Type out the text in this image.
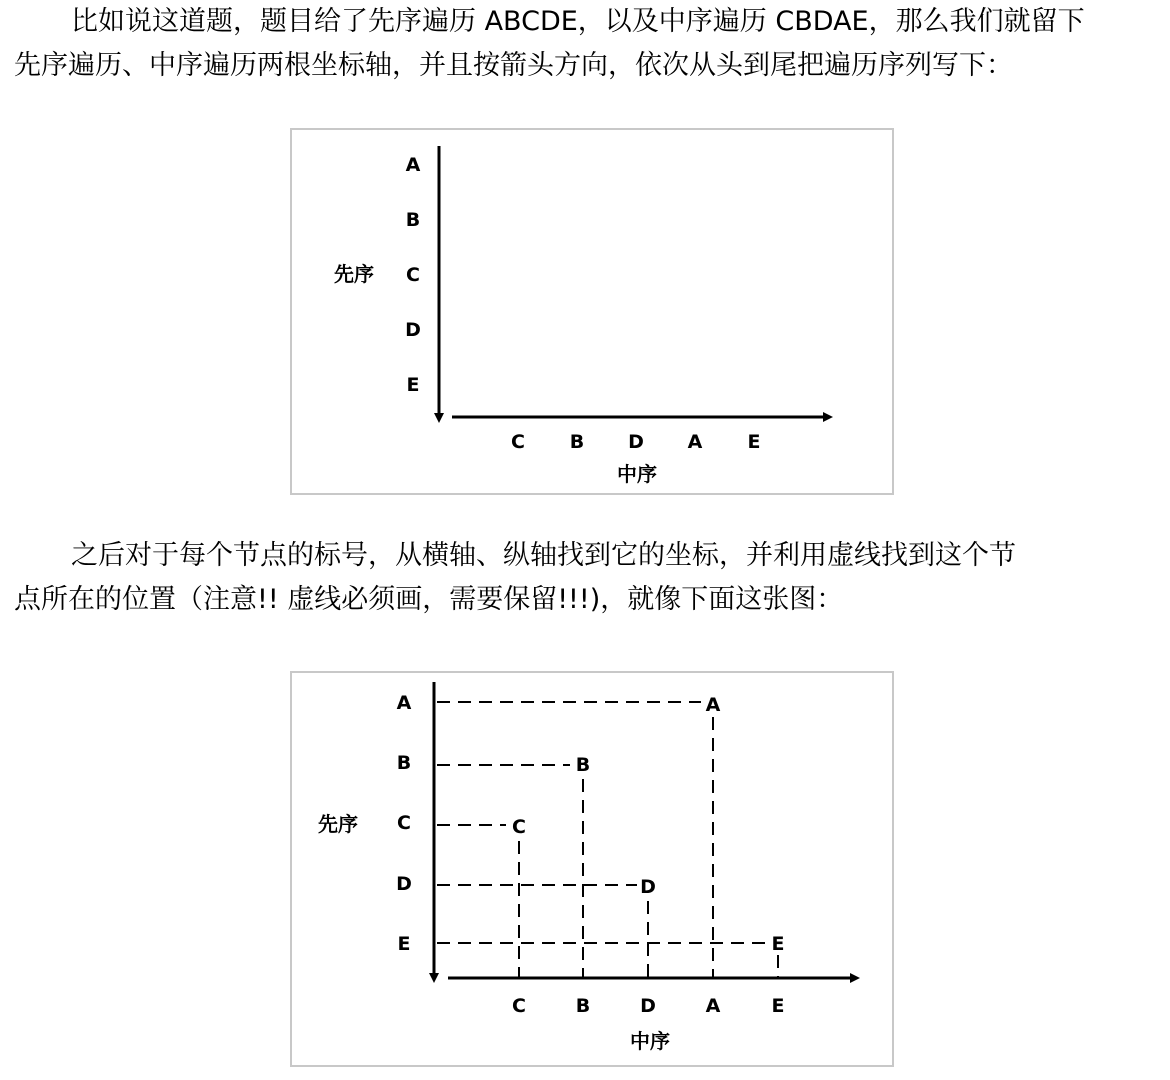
比如说这道题，题目给了先序遍历 ABCDE，以及中序遍历 CBDAE，那么我们就留下
先序遍历、中序遍历两根坐标轴，并且按箭头方向，依次从头到尾把遍历序列写下：
A
B
C
D
E
先序
C B D A E
中序
之后对于每个节点的标号，从横轴、纵轴找到它的坐标，并利用虚线找到这个节
点所在的位置（注意!! 虚线必须画，需要保留!!!)，就像下面这张图：
A
B
C
D
E
A
B
C
D
E
先序
C	B	D	A	E
中序
